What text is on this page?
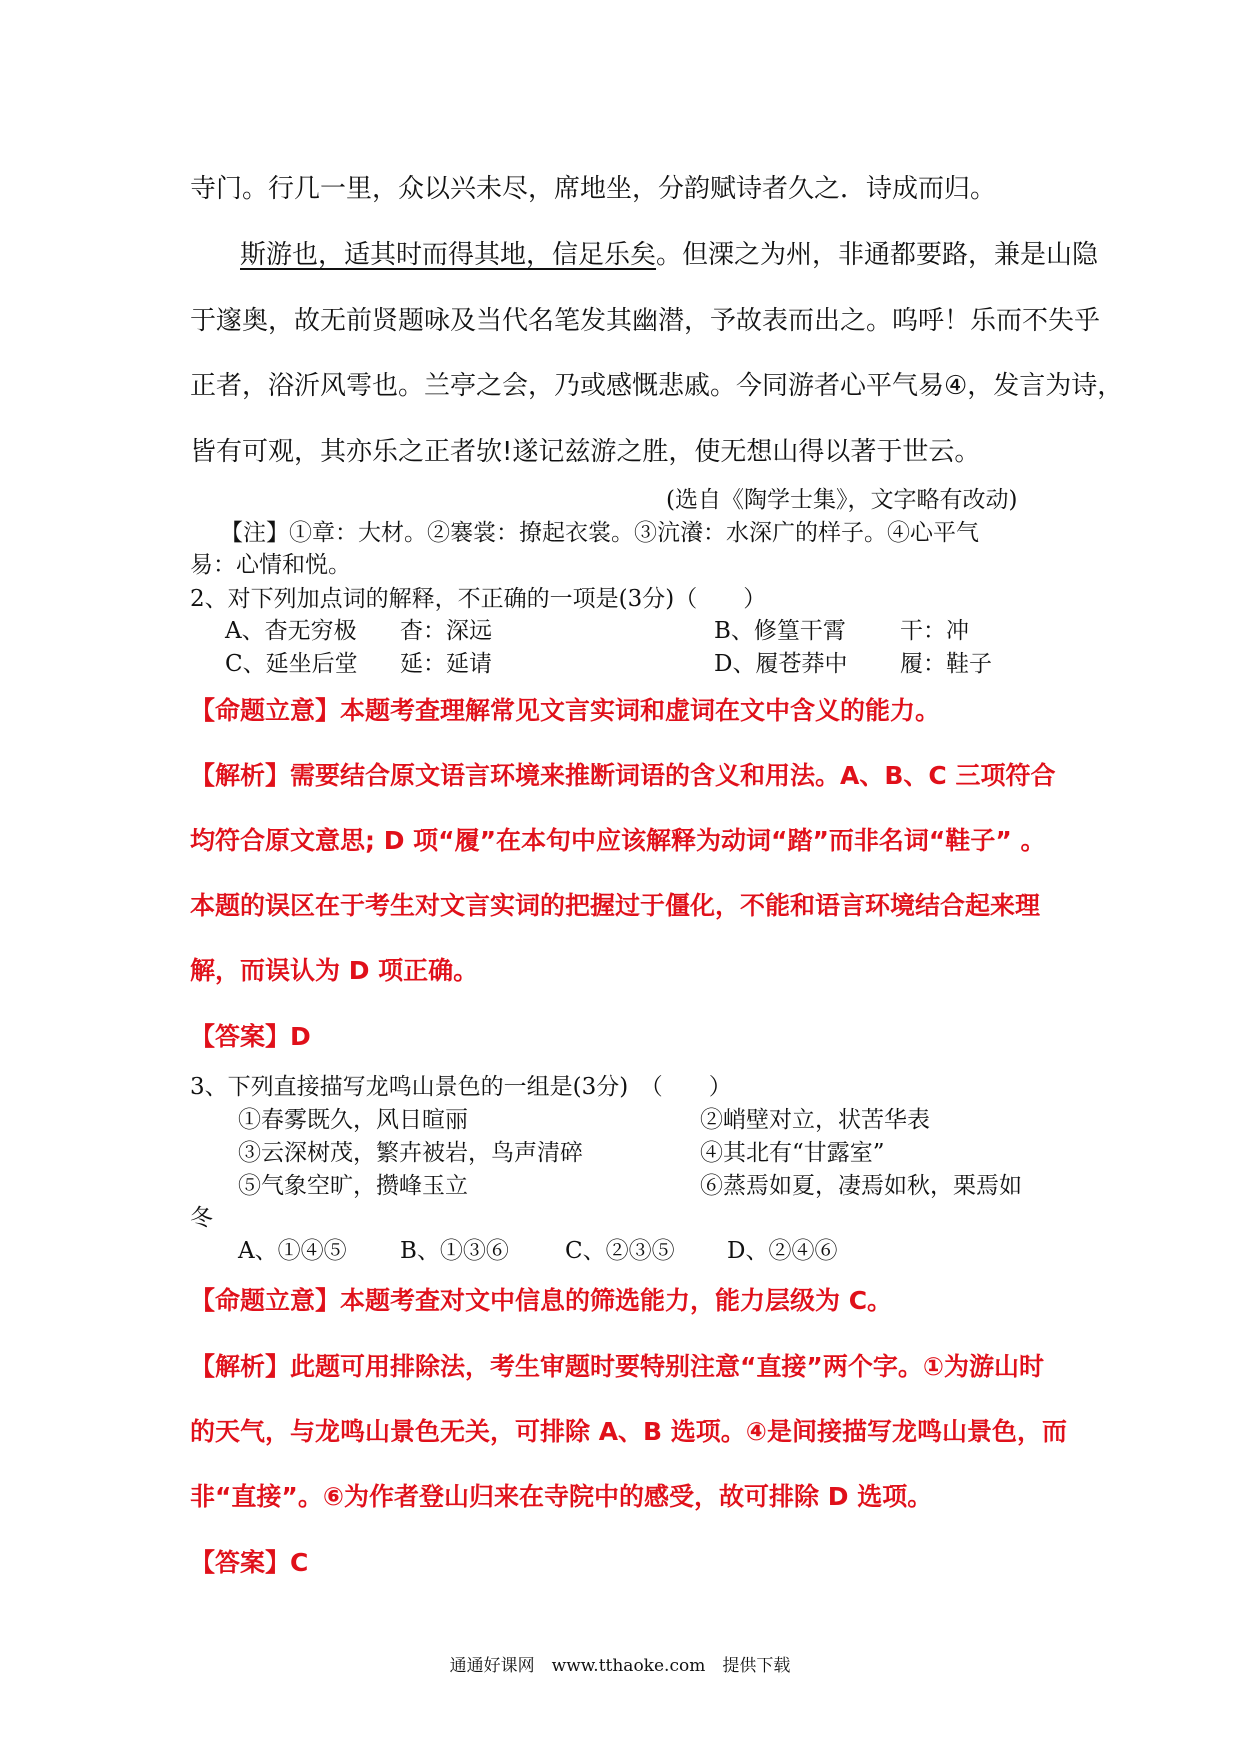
寺门。行几一里，众以兴未尽，席地坐，分韵赋诗者久之．诗成而归。
斯游也，适其时而得其地，信足乐矣。但溧之为州，非通都要路，兼是山隐
于邃奥，故无前贤题咏及当代名笔发其幽潜，予故表而出之。呜呼！乐而不失乎
正者，浴沂风雩也。兰亭之会，乃或感慨悲戚。今同游者心平气易④，发言为诗，
皆有可观，其亦乐之正者欤!遂记兹游之胜，使无想山得以著于世云。
(选自《陶学士集》，文字略有改动)
【注】①章：大材。②褰裳：撩起衣裳。③沆瀁：水深广的样子。④心平气
易：心情和悦。
2、对下列加点词的解释，不正确的一项是(3分)（　　）
A、杳无穷极 杳：深远	B、修篁干霄 干：冲
C、延坐后堂 延：延请	D、履苍莽中 履：鞋子
【命题立意】本题考查理解常见文言实词和虚词在文中含义的能力。
【解析】需要结合原文语言环境来推断词语的含义和用法。A、B、C 三项符合
均符合原文意思; D 项“履”在本句中应该解释为动词“踏”而非名词“鞋子” 。
本题的误区在于考生对文言实词的把握过于僵化，不能和语言环境结合起来理
解，而误认为 D 项正确。
【答案】D
3、下列直接描写龙鸣山景色的一组是(3分)　（　　）
①春雾既久，风日暄丽	②峭壁对立，状苦华表
③云深树茂，繁卉被岩，鸟声清碎	④其北有“甘露室”
⑤气象空旷，攒峰玉立	⑥蒸焉如夏，凄焉如秋，栗焉如
冬
A、①④⑤ B、①③⑥ C、②③⑤ D、②④⑥
【命题立意】本题考查对文中信息的筛选能力，能力层级为 C。
【解析】此题可用排除法，考生审题时要特别注意“直接”两个字。①为游山时
的天气，与龙鸣山景色无关，可排除 A、B 选项。④是间接描写龙鸣山景色，而
非“直接”。⑥为作者登山归来在寺院中的感受，故可排除 D 选项。
【答案】C
通通好课网　www.tthaoke.com　提供下载
